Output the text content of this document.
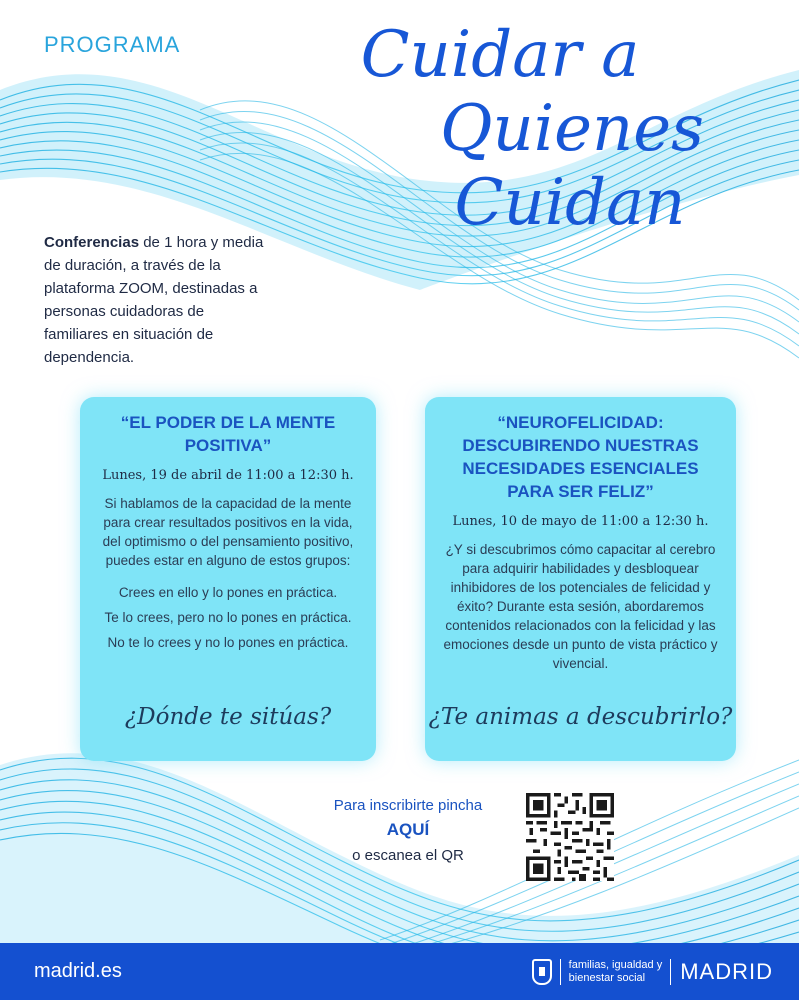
PROGRAMA	Cuidar a
Quienes
Cuidan
Conferencias de 1 hora y media de duración, a través de la plataforma ZOOM, destinadas a personas cuidadoras de familiares en situación de dependencia.
“EL PODER DE LA MENTE POSITIVA”
Lunes, 19 de abril de 11:00 a 12:30 h.
Si hablamos de la capacidad de la mente para crear resultados positivos en la vida, del optimismo o del pensamiento positivo, puedes estar en alguno de estos grupos:
Crees en ello y lo pones en práctica.
Te lo crees, pero no lo pones en práctica.
No te lo crees y no lo pones en práctica.
¿Dónde te sitúas?
“NEUROFELICIDAD: DESCUBIRENDO NUESTRAS NECESIDADES ESENCIALES PARA SER FELIZ”
Lunes, 10 de mayo de 11:00 a 12:30 h.
¿Y si descubrimos cómo capacitar al cerebro para adquirir habilidades y desbloquear inhibidores de los potenciales de felicidad y éxito? Durante esta sesión, abordaremos contenidos relacionados con la felicidad y las emociones desde un punto de vista práctico y vivencial.
¿Te animas a descubrirlo?
Para inscribirte pincha
AQUÍ
o escanea el QR
madrid.es	familias, igualdad y
bienestar social	MADRID
